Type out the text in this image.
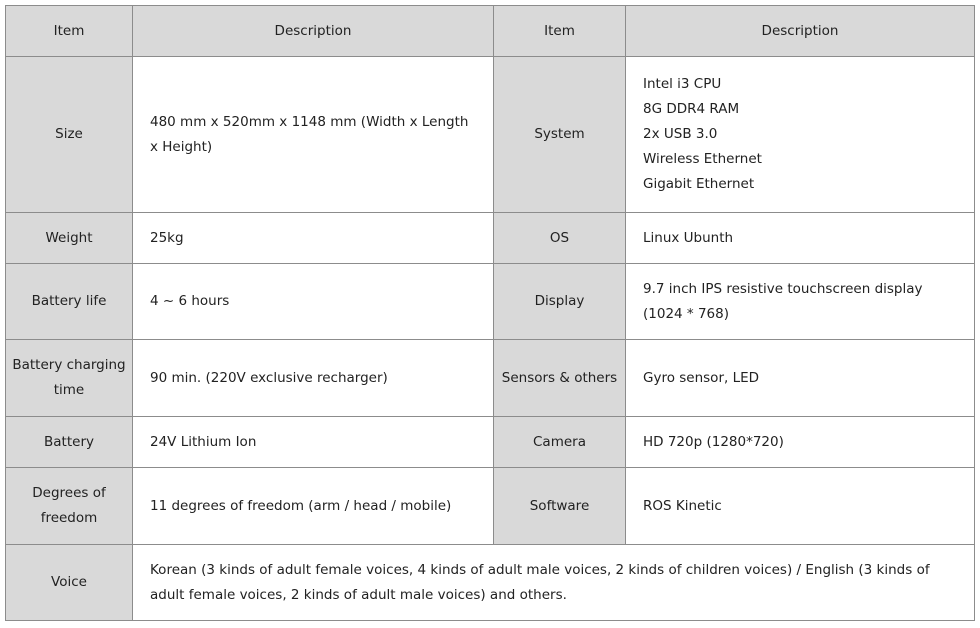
Item	Description	Item	Description
Size	480 mm x 520mm x 1148 mm (Width x Length x Height)	System	Intel i3 CPU
8G DDR4 RAM
2x USB 3.0
Wireless Ethernet
Gigabit Ethernet

Weight	25kg	OS	Linux Ubunth
Battery life	4 ~ 6 hours	Display	9.7 inch IPS resistive touchscreen display (1024 * 768)
Battery charging time	90 min. (220V exclusive recharger)	Sensors & others	Gyro sensor, LED
Battery	24V Lithium Ion	Camera	HD 720p (1280*720)
Degrees of freedom	11 degrees of freedom (arm / head / mobile)	Software	ROS Kinetic
Voice	Korean (3 kinds of adult female voices, 4 kinds of adult male voices, 2 kinds of children voices) / English (3 kinds of adult female voices, 2 kinds of adult male voices) and others.		
